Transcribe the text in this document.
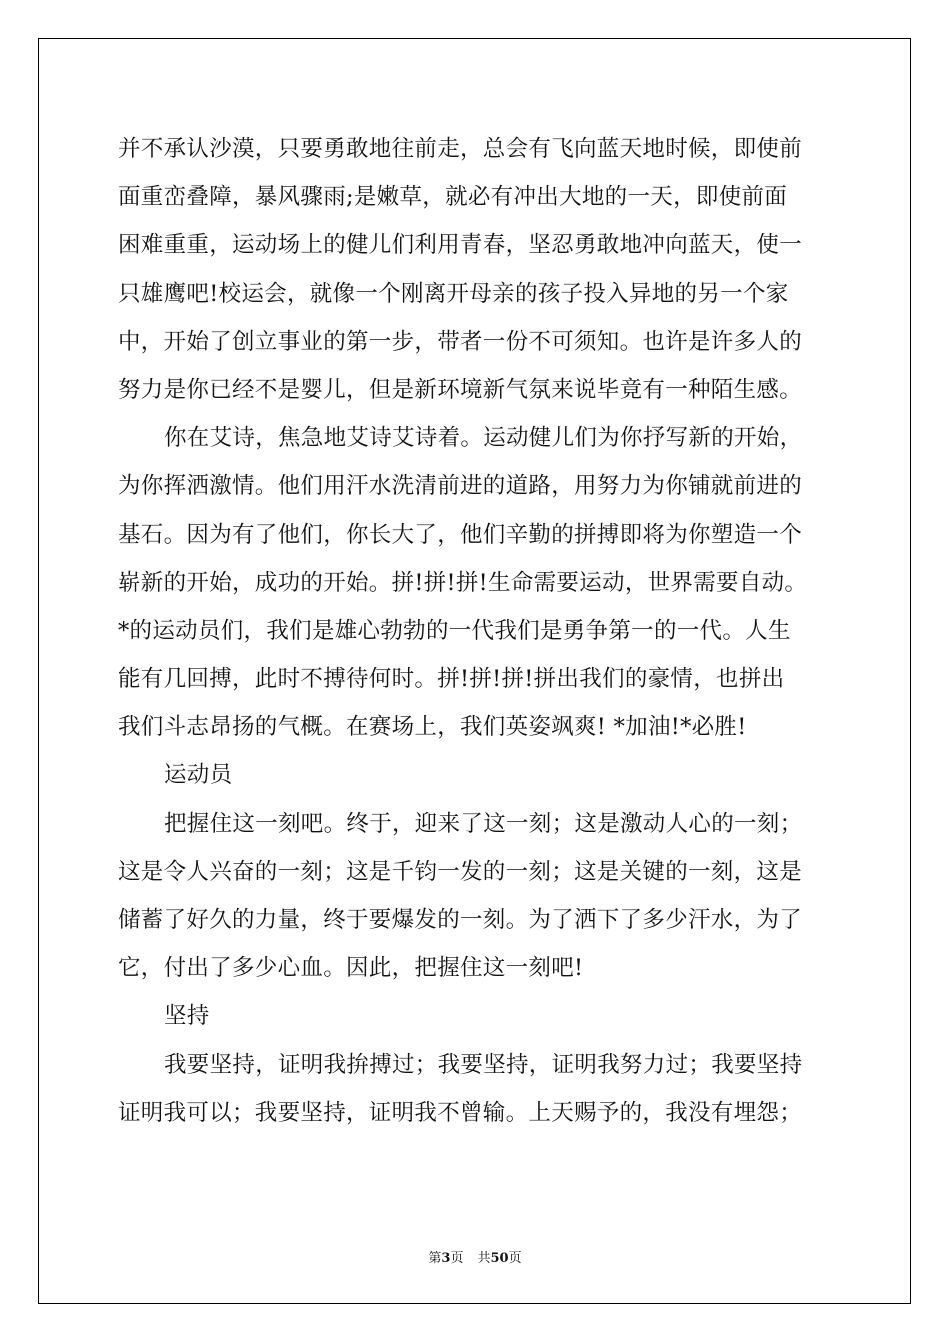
并不承认沙漠，只要勇敢地往前走，总会有飞向蓝天地时候，即使前
面重峦叠障，暴风骤雨;是嫩草，就必有冲出大地的一天，即使前面
困难重重，运动场上的健儿们利用青春，坚忍勇敢地冲向蓝天，使一
只雄鹰吧!校运会，就像一个刚离开母亲的孩子投入异地的另一个家
中，开始了创立事业的第一步，带者一份不可须知。也许是许多人的
努力是你已经不是婴儿，但是新环境新气氛来说毕竟有一种陌生感。
你在艾诗，焦急地艾诗艾诗着。运动健儿们为你抒写新的开始，
为你挥洒激情。他们用汗水洗清前进的道路，用努力为你铺就前进的
基石。因为有了他们，你长大了，他们辛勤的拼搏即将为你塑造一个
崭新的开始，成功的开始。拼!拼!拼!生命需要运动，世界需要自动。
*的运动员们，我们是雄心勃勃的一代我们是勇争第一的一代。人生
能有几回搏，此时不搏待何时。拼!拼!拼!拼出我们的豪情，也拼出
我们斗志昂扬的气概。在赛场上，我们英姿飒爽! *加油!*必胜!
运动员
把握住这一刻吧。终于，迎来了这一刻；这是激动人心的一刻；
这是令人兴奋的一刻；这是千钧一发的一刻；这是关键的一刻，这是
储蓄了好久的力量，终于要爆发的一刻。为了洒下了多少汗水，为了
它，付出了多少心血。因此，把握住这一刻吧!
坚持
我要坚持，证明我拚搏过；我要坚持，证明我努力过；我要坚持
证明我可以；我要坚持，证明我不曾输。上天赐予的，我没有埋怨；
第3页 共50页
